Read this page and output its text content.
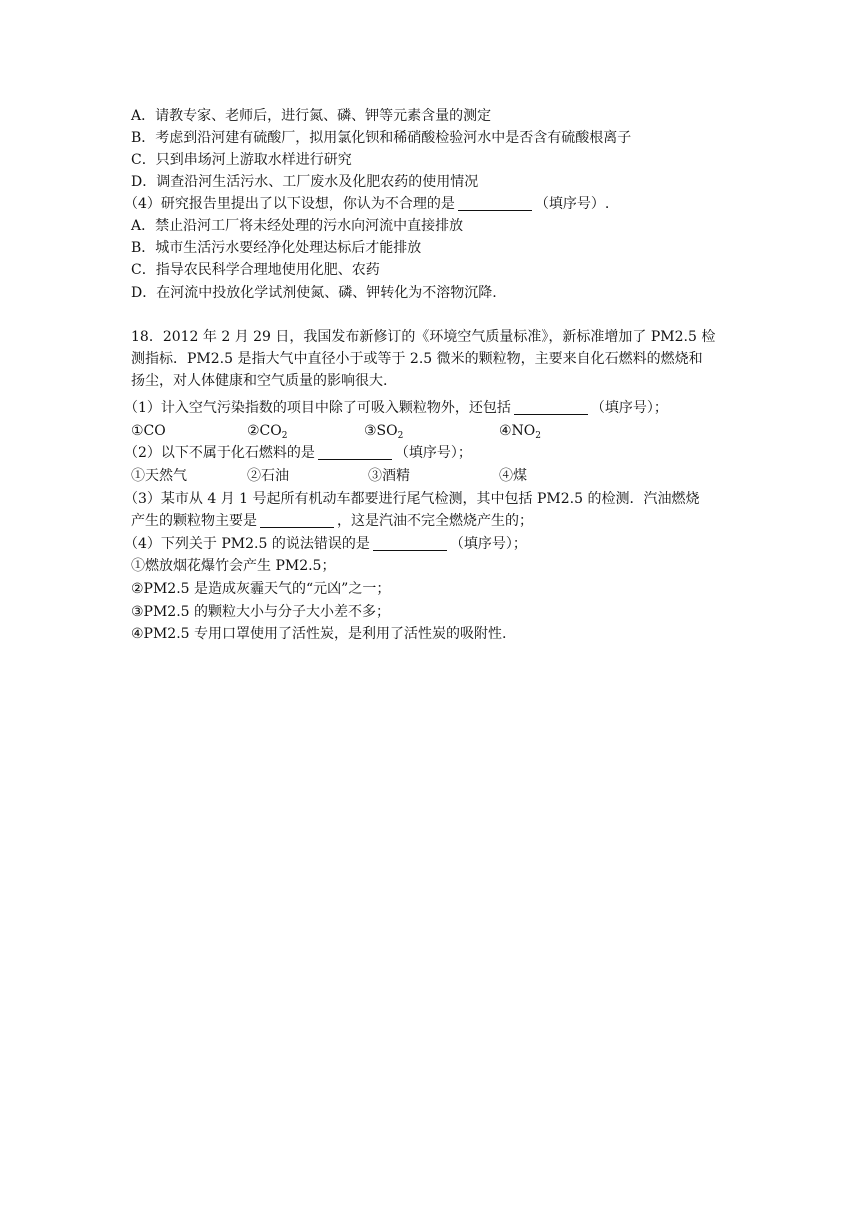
A．请教专家、老师后，进行氮、磷、钾等元素含量的测定
B．考虑到沿河建有硫酸厂，拟用氯化钡和稀硝酸检验河水中是否含有硫酸根离子
C．只到串场河上游取水样进行研究
D．调查沿河生活污水、工厂废水及化肥农药的使用情况
（4）研究报告里提出了以下设想，你认为不合理的是	（填序号）.
A．禁止沿河工厂将未经处理的污水向河流中直接排放
B．城市生活污水要经净化处理达标后才能排放
C．指导农民科学合理地使用化肥、农药
D．在河流中投放化学试剂使氮、磷、钾转化为不溶物沉降.
18．2012 年 2 月 29 日，我国发布新修订的《环境空气质量标准》，新标准增加了 PM2.5 检
测指标．PM2.5 是指大气中直径小于或等于 2.5 微米的颗粒物，主要来自化石燃料的燃烧和
扬尘，对人体健康和空气质量的影响很大.
（1）计入空气污染指数的项目中除了可吸入颗粒物外，还包括	（填序号）；
①CO	$②CO_2$	$③SO_2$	$④NO_2$
（2）以下不属于化石燃料的是	（填序号）；
①天然气	②石油	③酒精	④煤
（3）某市从 4 月 1 号起所有机动车都要进行尾气检测，其中包括 PM2.5 的检测．汽油燃烧
产生的颗粒物主要是	，这是汽油不完全燃烧产生的；
（4）下列关于 PM2.5 的说法错误的是	（填序号）；
①燃放烟花爆竹会产生 PM2.5；
②PM2.5 是造成灰霾天气的“元凶”之一；
③PM2.5 的颗粒大小与分子大小差不多；
④PM2.5 专用口罩使用了活性炭，是利用了活性炭的吸附性.
